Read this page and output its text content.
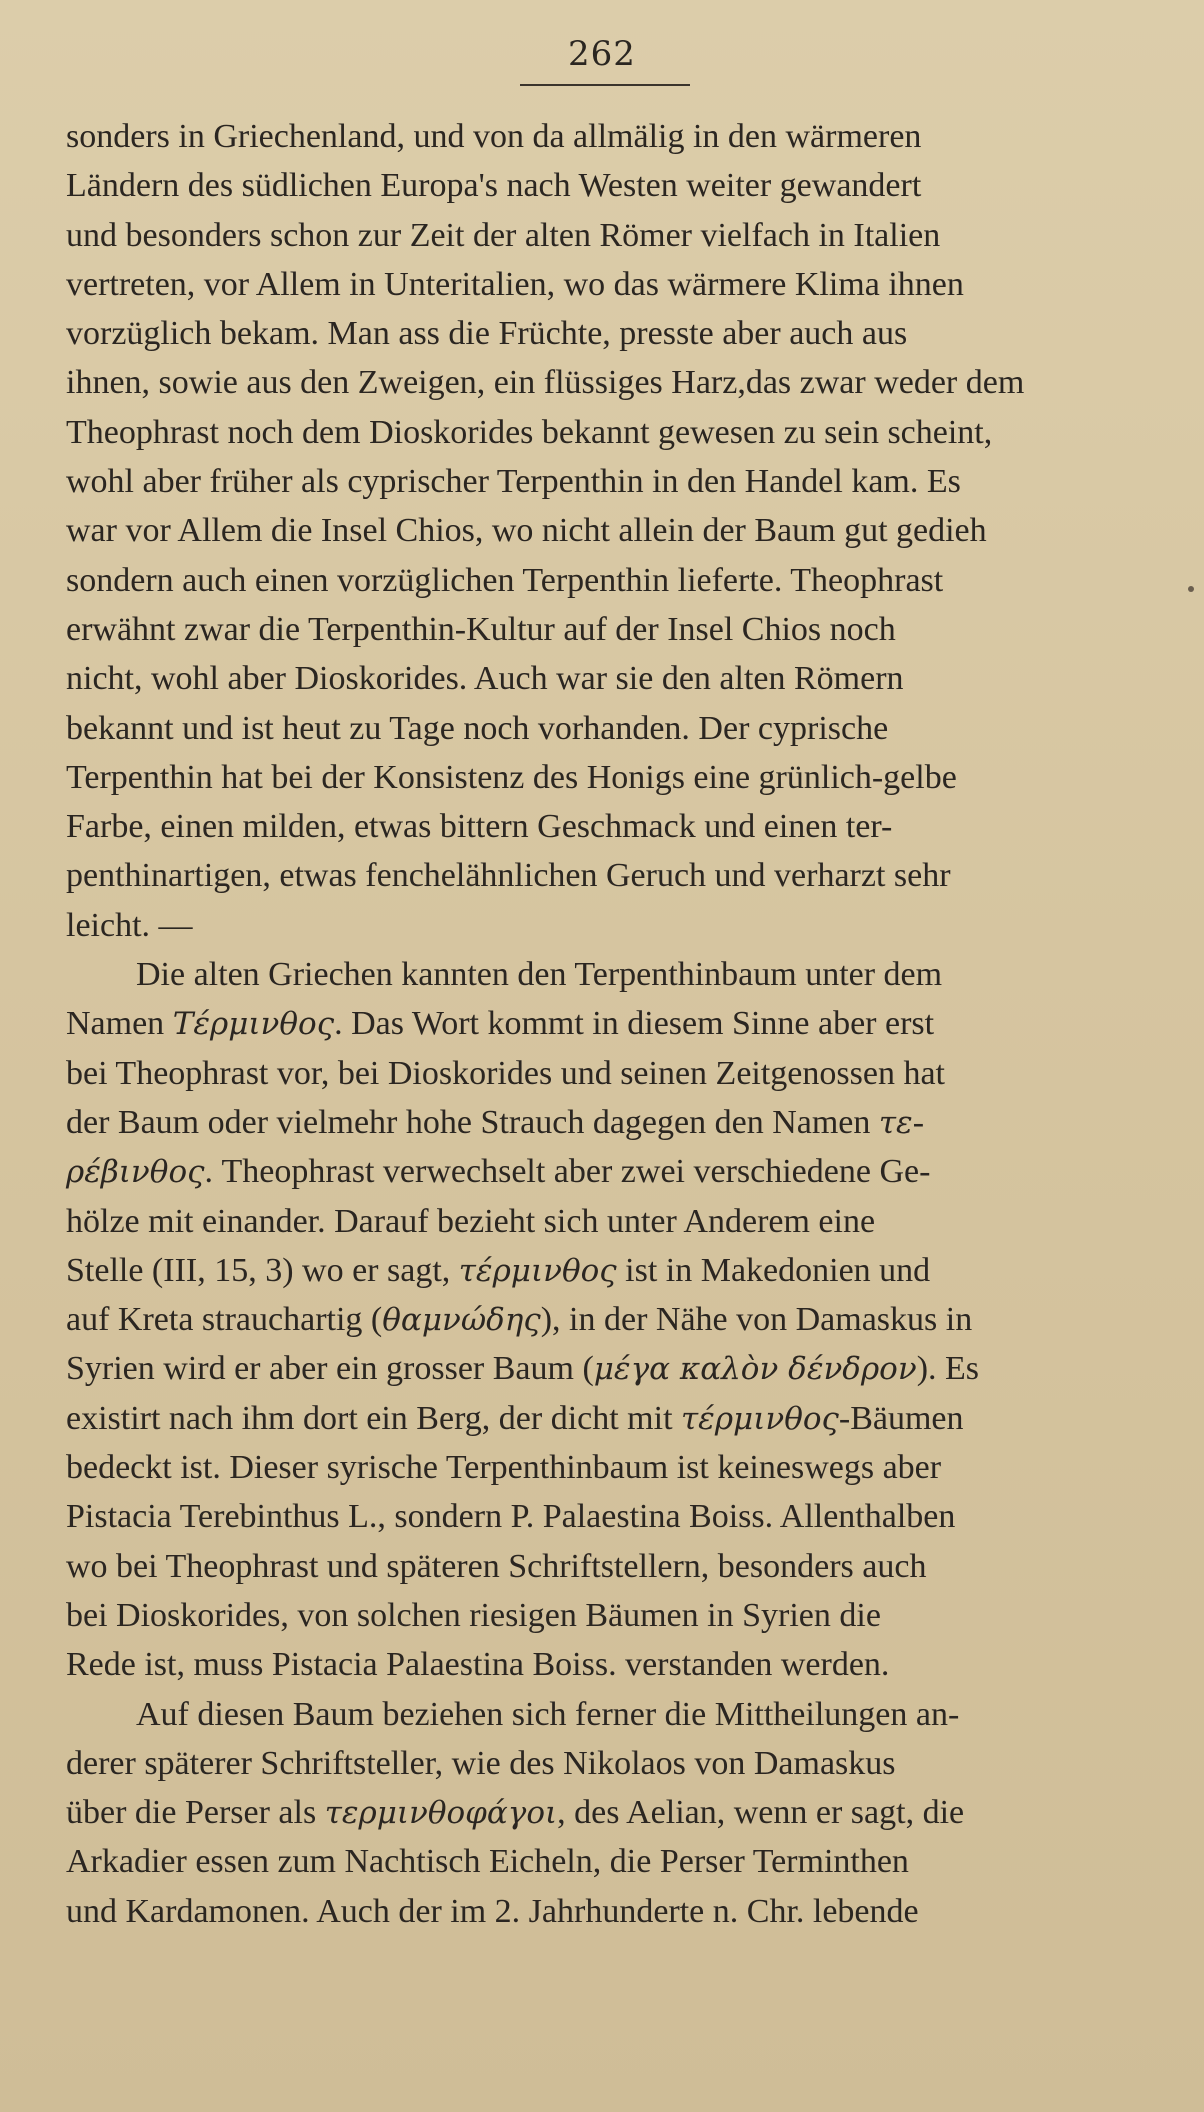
262
sonders in Griechenland, und von da allmälig in den wärmeren
Ländern des südlichen Europa's nach Westen weiter gewandert
und besonders schon zur Zeit der alten Römer vielfach in Italien
vertreten, vor Allem in Unteritalien, wo das wärmere Klima ihnen
vorzüglich bekam. Man ass die Früchte, presste aber auch aus
ihnen, sowie aus den Zweigen, ein flüssiges Harz,das zwar weder dem
Theophrast noch dem Dioskorides bekannt gewesen zu sein scheint,
wohl aber früher als cyprischer Terpenthin in den Handel kam. Es
war vor Allem die Insel Chios, wo nicht allein der Baum gut gedieh
sondern auch einen vorzüglichen Terpenthin lieferte. Theophrast
erwähnt zwar die Terpenthin-Kultur auf der Insel Chios noch
nicht, wohl aber Dioskorides. Auch war sie den alten Römern
bekannt und ist heut zu Tage noch vorhanden. Der cyprische
Terpenthin hat bei der Konsistenz des Honigs eine grünlich-gelbe
Farbe, einen milden, etwas bittern Geschmack und einen ter-
penthinartigen, etwas fenchelähnlichen Geruch und verharzt sehr
leicht. —
Die alten Griechen kannten den Terpenthinbaum unter dem
Namen Τέρμινθος. Das Wort kommt in diesem Sinne aber erst
bei Theophrast vor, bei Dioskorides und seinen Zeitgenossen hat
der Baum oder vielmehr hohe Strauch dagegen den Namen τε-
ρέβινθος. Theophrast verwechselt aber zwei verschiedene Ge-
hölze mit einander. Darauf bezieht sich unter Anderem eine
Stelle (III, 15, 3) wo er sagt, τέρμινθος ist in Makedonien und
auf Kreta strauchartig (θαμνώδης), in der Nähe von Damaskus in
Syrien wird er aber ein grosser Baum (μέγα καλὸν δένδρον). Es
existirt nach ihm dort ein Berg, der dicht mit τέρμινθος-Bäumen
bedeckt ist. Dieser syrische Terpenthinbaum ist keineswegs aber
Pistacia Terebinthus L., sondern P. Palaestina Boiss. Allenthalben
wo bei Theophrast und späteren Schriftstellern, besonders auch
bei Dioskorides, von solchen riesigen Bäumen in Syrien die
Rede ist, muss Pistacia Palaestina Boiss. verstanden werden.
Auf diesen Baum beziehen sich ferner die Mittheilungen an-
derer späterer Schriftsteller, wie des Nikolaos von Damaskus
über die Perser als τερμινθοφάγοι, des Aelian, wenn er sagt, die
Arkadier essen zum Nachtisch Eicheln, die Perser Terminthen
und Kardamonen. Auch der im 2. Jahrhunderte n. Chr. lebende
